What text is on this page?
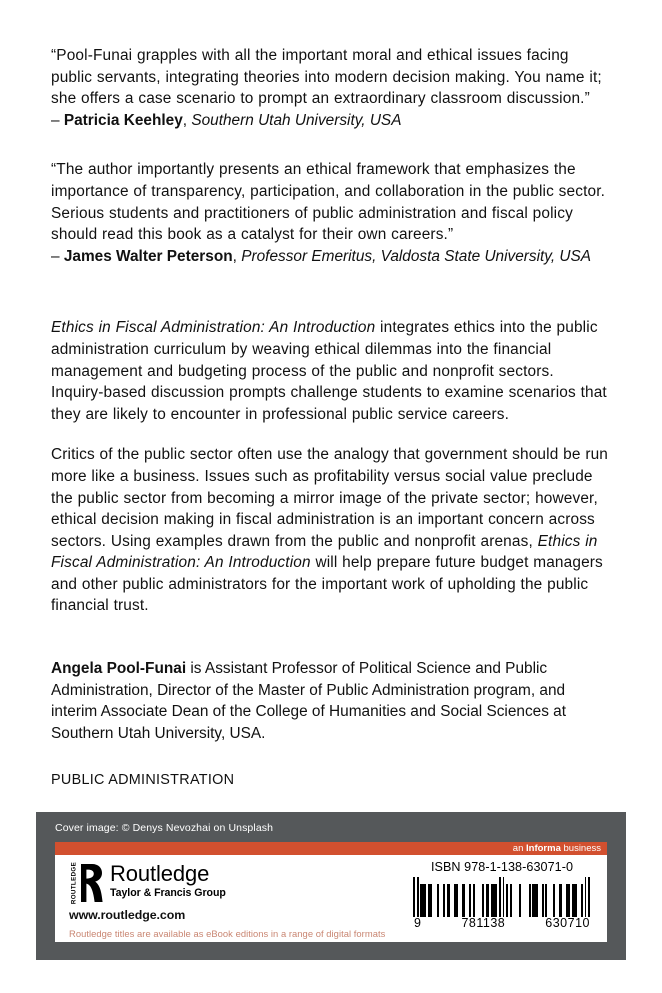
“Pool-Funai grapples with all the important moral and ethical issues facing public servants, integrating theories into modern decision making. You name it; she offers a case scenario to prompt an extraordinary classroom discussion.”

– Patricia Keehley, Southern Utah University, USA

“The author importantly presents an ethical framework that emphasizes the importance of transparency, participation, and collaboration in the public sector. Serious students and practitioners of public administration and fiscal policy should read this book as a catalyst for their own careers.”

– James Walter Peterson, Professor Emeritus, Valdosta State University, USA

Ethics in Fiscal Administration: An Introduction integrates ethics into the public administration curriculum by weaving ethical dilemmas into the financial management and budgeting process of the public and nonprofit sectors. Inquiry-based discussion prompts challenge students to examine scenarios that they are likely to encounter in professional public service careers.

Critics of the public sector often use the analogy that government should be run more like a business. Issues such as profitability versus social value preclude the public sector from becoming a mirror image of the private sector; however, ethical decision making in fiscal administration is an important concern across sectors. Using examples drawn from the public and nonprofit arenas, Ethics in Fiscal Administration: An Introduction will help prepare future budget managers and other public administrators for the important work of upholding the public financial trust.

Angela Pool-Funai is Assistant Professor of Political Science and Public Administration, Director of the Master of Public Administration program, and interim Associate Dean of the College of Humanities and Social Sciences at Southern Utah University, USA.

PUBLIC ADMINISTRATION

Cover image: © Denys Nevozhai on Unsplash
an Informa business
ROUTLEDGE Routledge
Taylor & Francis Group
www.routledge.com
Routledge titles are available as eBook editions in a range of digital formats
ISBN 978-1-138-63071-0
9	781138	630710
